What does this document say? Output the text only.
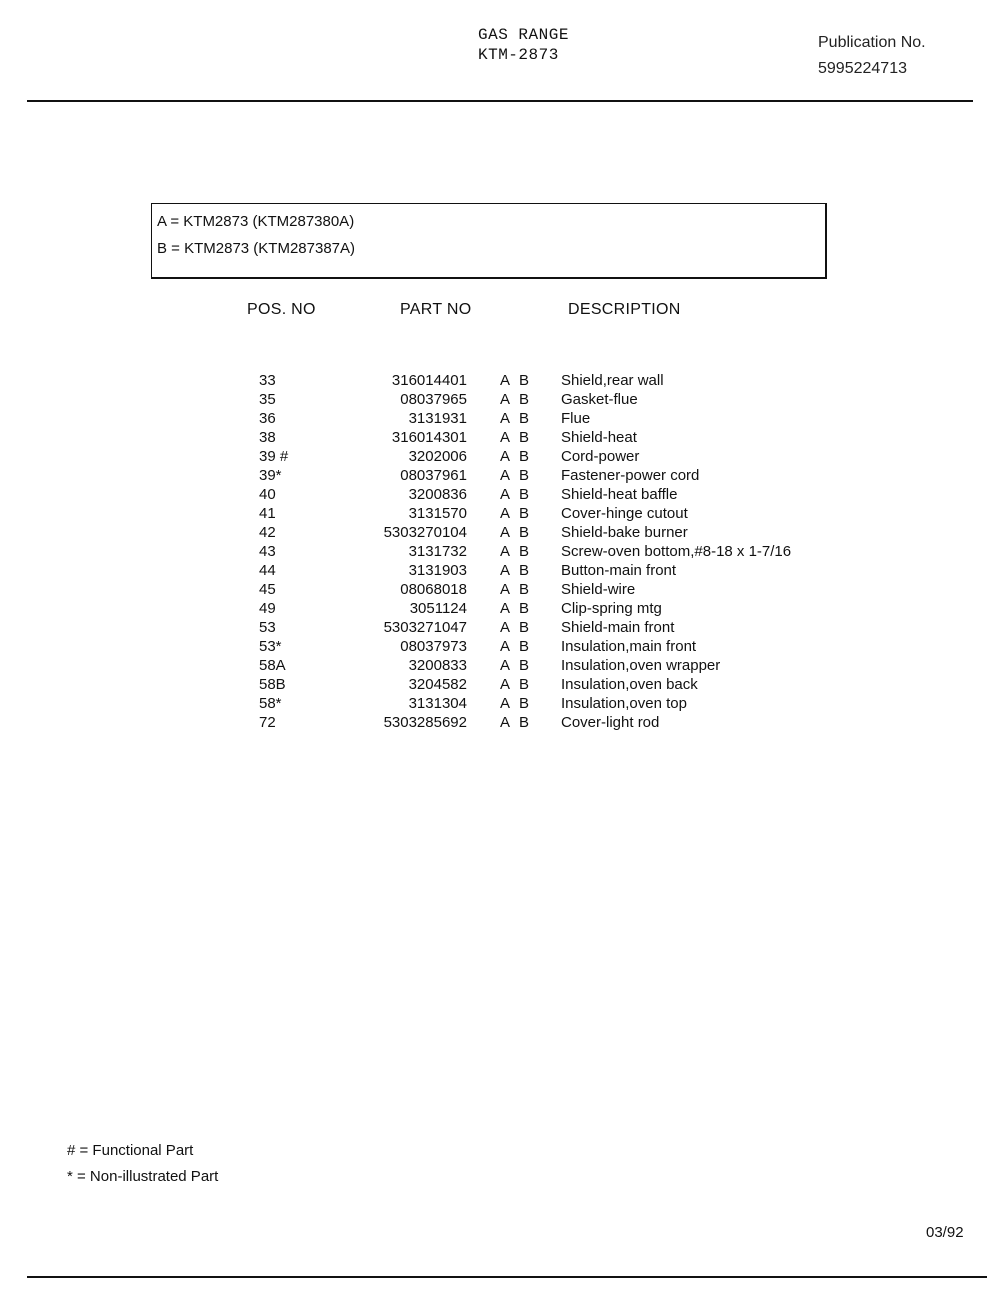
GAS RANGE
KTM-2873
Publication No.
5995224713
A = KTM2873 (KTM287380A)
B = KTM2873 (KTM287387A)
POS. NO	PART NO	DESCRIPTION
33	316014401 A B Shield,rear wall
35	08037965 A B Gasket-flue
36	3131931 A B Flue
38	316014301 A B Shield-heat
39 #	3202006 A B Cord-power
39*	08037961 A B Fastener-power cord
40	3200836 A B Shield-heat baffle
41	3131570 A B Cover-hinge cutout
42	5303270104 A B Shield-bake burner
43	3131732 A B Screw-oven bottom,#8-18 x 1-7/16
44	3131903 A B Button-main front
45	08068018 A B Shield-wire
49	3051124 A B Clip-spring mtg
53	5303271047 A B Shield-main front
53*	08037973 A B Insulation,main front
58A	3200833 A B Insulation,oven wrapper
58B	3204582 A B Insulation,oven back
58*	3131304 A B Insulation,oven top
72	5303285692 A B Cover-light rod
# = Functional Part
* = Non-illustrated Part
03/92
